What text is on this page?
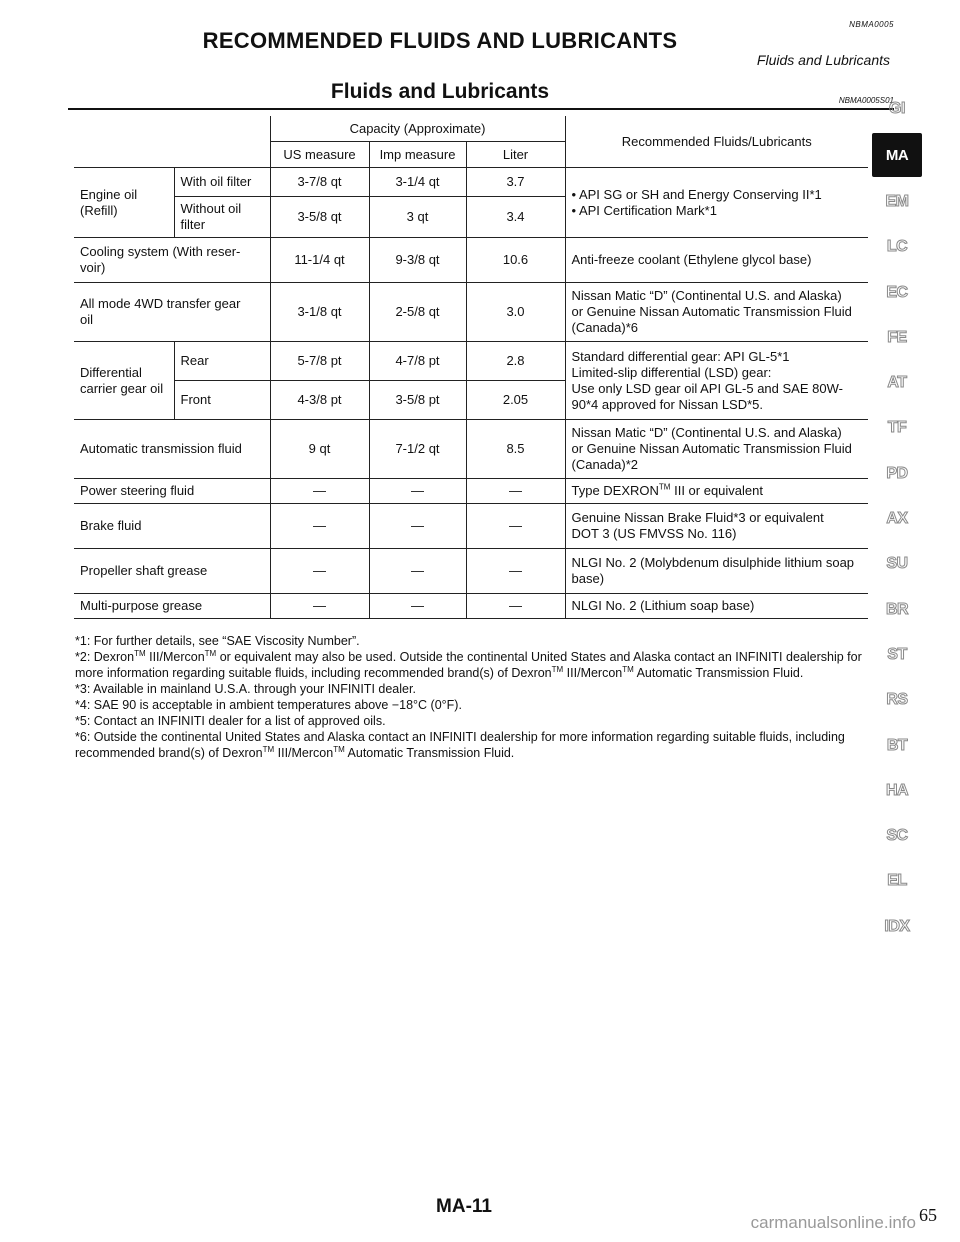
NBMA0005
RECOMMENDED FLUIDS AND LUBRICANTS
Fluids and Lubricants
Fluids and Lubricants	NBMA0005S01
		Capacity (Approximate)			Recommended Fluids/Lubricants
		US measure	Imp measure	Liter	
Engine oil
(Refill)	With oil filter	3-7/8 qt	3-1/4 qt	3.7	• API SG or SH and Energy Conserving II*1
• API Certification Mark*1
	Without oil
filter	3-5/8 qt	3 qt	3.4	
Cooling system (With reser-
voir)		11-1/4 qt	9-3/8 qt	10.6	Anti-freeze coolant (Ethylene glycol base)
All mode 4WD transfer gear
oil		3-1/8 qt	2-5/8 qt	3.0	Nissan Matic “D” (Continental U.S. and Alaska)
or Genuine Nissan Automatic Transmission Fluid
(Canada)*6
Differential
carrier gear oil	Rear	5-7/8 pt	4-7/8 pt	2.8	Standard differential gear: API GL-5*1
Limited-slip differential (LSD) gear:
Use only LSD gear oil API GL-5 and SAE 80W-
90*4 approved for Nissan LSD*5.
	Front	4-3/8 pt	3-5/8 pt	2.05	
Automatic transmission fluid		9 qt	7-1/2 qt	8.5	Nissan Matic “D” (Continental U.S. and Alaska)
or Genuine Nissan Automatic Transmission Fluid
(Canada)*2
Power steering fluid		—	—	—	Type DEXRON™ III or equivalent
Brake fluid		—	—	—	Genuine Nissan Brake Fluid*3 or equivalent
DOT 3 (US FMVSS No. 116)
Propeller shaft grease		—	—	—	NLGI No. 2 (Molybdenum disulphide lithium soap
base)
Multi-purpose grease		—	—	—	NLGI No. 2 (Lithium soap base)

*1: For further details, see “SAE Viscosity Number”.

*2: Dexron™ III/Mercon™ or equivalent may also be used. Outside the continental United States and Alaska contact an INFINITI dealership for more information regarding suitable fluids, including recommended brand(s) of Dexron™ III/Mercon™ Automatic Transmission Fluid.

*3: Available in mainland U.S.A. through your INFINITI dealer.

*4: SAE 90 is acceptable in ambient temperatures above −18°C (0°F).

*5: Contact an INFINITI dealer for a list of approved oils.

*6: Outside the continental United States and Alaska contact an INFINITI dealership for more information regarding suitable fluids, including recommended brand(s) of Dexron™ III/Mercon™ Automatic Transmission Fluid.

GI
MA
EM
LC
EC
FE
AT
TF
PD
AX
SU
BR
ST
RS
BT
HA
SC
EL
IDX
MA-11
carmanualsonline.info 65
